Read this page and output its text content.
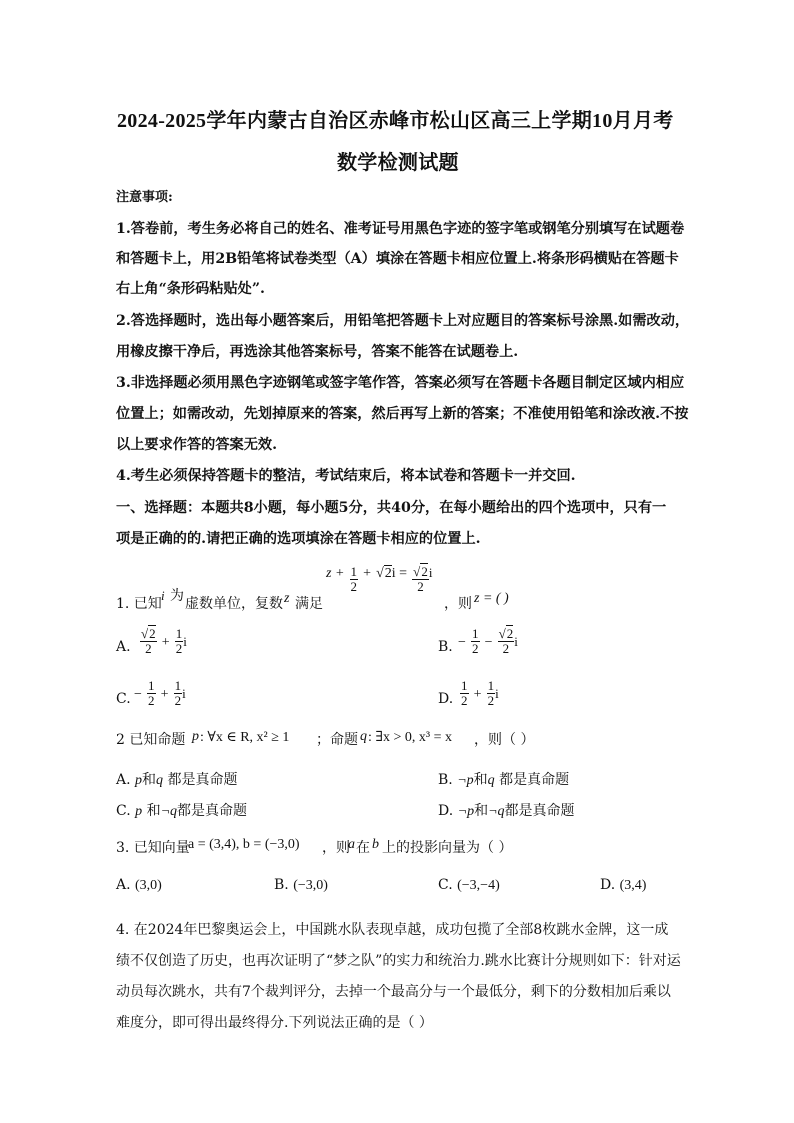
2024-2025学年内蒙古自治区赤峰市松山区高三上学期10月月考
数学检测试题
注意事项:
1.答卷前，考生务必将自己的姓名、准考证号用黑色字迹的签字笔或钢笔分别填写在试题卷
和答题卡上，用2B铅笔将试卷类型（A）填涂在答题卡相应位置上.将条形码横贴在答题卡
右上角“条形码粘贴处”.
2.答选择题时，选出每小题答案后，用铅笔把答题卡上对应题目的答案标号涂黑.如需改动，
用橡皮擦干净后，再选涂其他答案标号，答案不能答在试题卷上.
3.非选择题必须用黑色字迹钢笔或签字笔作答，答案必须写在答题卡各题目制定区域内相应
位置上；如需改动，先划掉原来的答案，然后再写上新的答案；不准使用铅笔和涂改液.不按
以上要求作答的答案无效.
4.考生必须保持答题卡的整洁，考试结束后，将本试卷和答题卡一并交回.
一、选择题：本题共8小题，每小题5分，共40分，在每小题给出的四个选项中，只有一
项是正确的的.请把正确的选项填涂在答题卡相应的位置上.
1. 已知
i 为 虚数单位，复数 z 满足
$z + \frac{1}{2} + √2i = \frac{√2}{2}$ i
，则 z = ( )
A. $\frac{√2}{2} + \frac{1}{2}$ i	B. − $\frac{1}{2} - \frac{√2}{2}$ i
C. − $\frac{1}{2} + \frac{1}{2}$ i	D. $\frac{1}{2} + \frac{1}{2}$ i
2 已知命题 p : ∀x ∈ R, x² ≥ 1 ；命题 q : ∃x > 0, x³ = x ，则（ ）
A. p和q 都是真命题	B. ¬p和q 都是真命题
C. p 和¬q都是真命题	D. ¬p和¬q都是真命题
3. 已知向量
a = (3,4), b = (−3,0) ，则
a 在 b 上的投影向量为（ ）
A. (3,0)	B. (−3,0)	C. (−3,−4)	D. (3,4)
4. 在2024年巴黎奥运会上，中国跳水队表现卓越，成功包揽了全部8枚跳水金牌，这一成
绩不仅创造了历史，也再次证明了“梦之队”的实力和统治力.跳水比赛计分规则如下：针对运
动员每次跳水，共有7个裁判评分，去掉一个最高分与一个最低分，剩下的分数相加后乘以
难度分，即可得出最终得分.下列说法正确的是（ ）
